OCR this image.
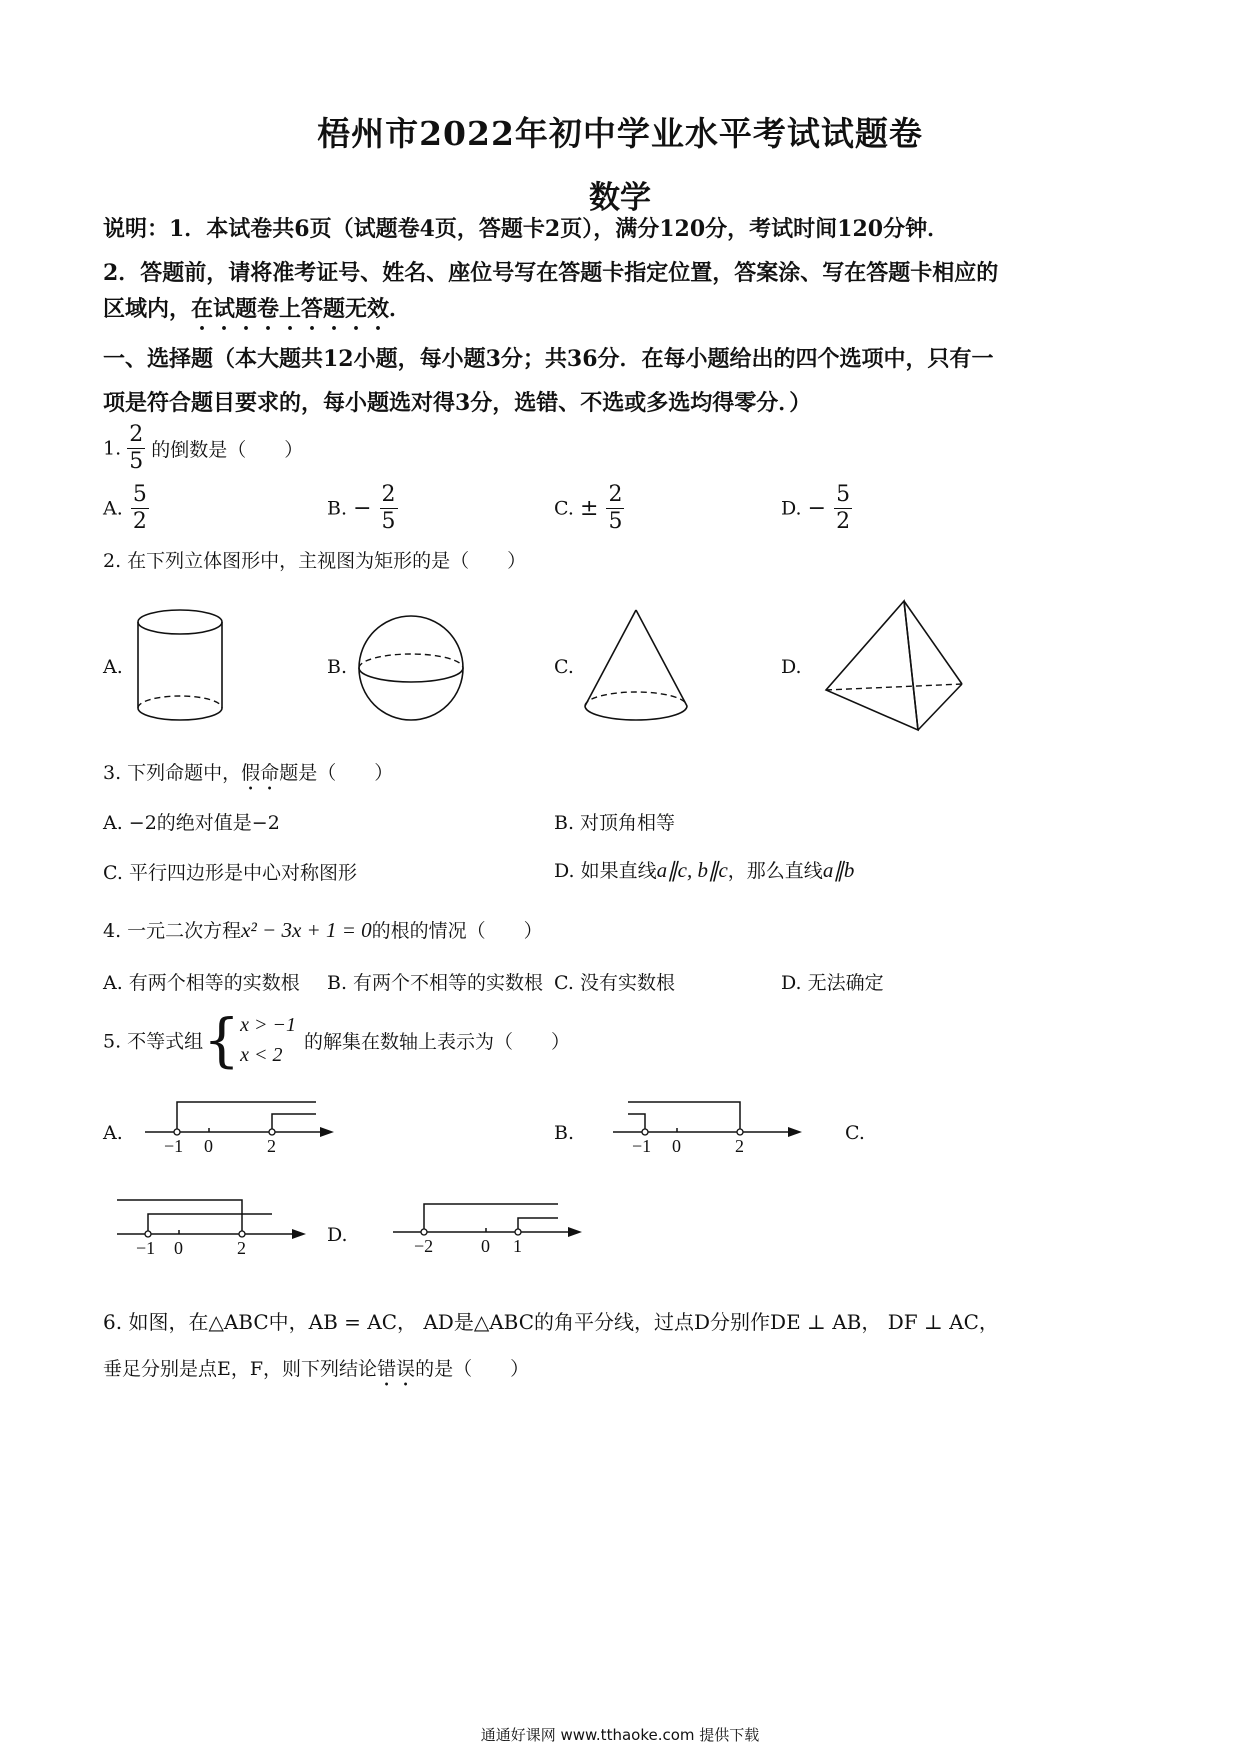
梧州市2022年初中学业水平考试试题卷
数学
说明：1．本试卷共6页（试题卷4页，答题卡2页），满分120分，考试时间120分钟．
2．答题前，请将准考证号、姓名、座位号写在答题卡指定位置，答案涂、写在答题卡相应的
区域内，在试题卷上答题无效．
一、选择题（本大题共12小题，每小题3分；共36分．在每小题给出的四个选项中，只有一
项是符合题目要求的，每小题选对得3分，选错、不选或多选均得零分．）
1. $\frac{2}{5}$ 的倒数是（　　）
A. $\frac{5}{2}$	B. − $\frac{2}{5}$	C. ± $\frac{2}{5}$	D. − $\frac{5}{2}$
2. 在下列立体图形中，主视图为矩形的是（　　）
A.	B.	C.	D.
3. 下列命题中，假命题是（　　）
A. −2的绝对值是−2	B. 对顶角相等
C. 平行四边形是中心对称图形	D. 如果直线a∥c, b∥c，那么直线a∥b
4. 一元二次方程x² − 3x + 1 = 0的根的情况（　　）
A. 有两个相等的实数根 B. 有两个不相等的实数根 C. 没有实数根	D. 无法确定
5. 不等式组{ x > −1
x < 2
的解集在数轴上表示为（　　）
A.
−1 0	2
B.
−1 0	2
C.
−1 0	2
D.	−2	0 1
6. 如图，在△ABC中，AB = AC， AD是△ABC的角平分线，过点D分别作DE ⊥ AB， DF ⊥ AC，
垂足分别是点E，F，则下列结论错误的是（　　）
通通好课网 www.tthaoke.com 提供下载
